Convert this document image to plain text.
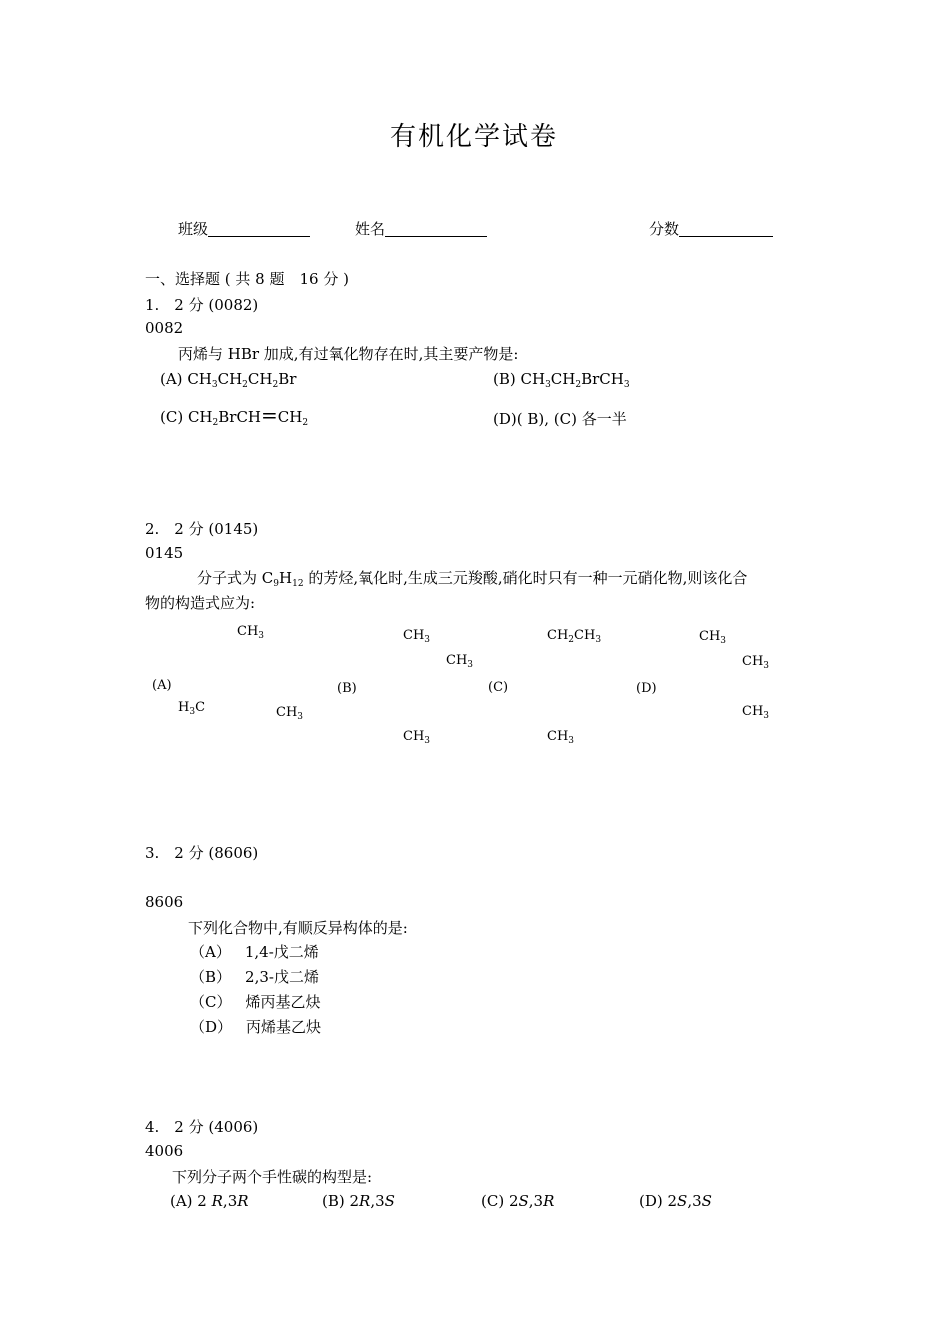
有机化学试卷
班级	姓名	分数
一、选择题 ( 共 8 题　16 分 )
1.　2 分 (0082)
0082
丙烯与 HBr 加成,有过氧化物存在时,其主要产物是:
(A) $CH_3CH_2CH_2Br$	(B) $CH_3CH_2BrCH_3$
(C) $CH_2BrCH=CH_2$	(D)( B), (C) 各一半
2.　2 分 (0145)
0145
分子式为 $C_9H_{12}$ 的芳烃,氧化时,生成三元羧酸,硝化时只有一种一元硝化物,则该化合
物的构造式应为:
$CH_3$
(A)
$H_3C$	$CH_3$
$CH_3$
$CH_3$
(B)
$CH_3$
$CH_2CH_3$
(C)
$CH_3$
$CH_3$
$CH_3$
(D)
$CH_3$
3.　2 分 (8606)
8606
下列化合物中,有顺反异构体的是:
（A） 1,4-戊二烯
（B） 2,3-戊二烯
（C） 烯丙基乙炔
（D） 丙烯基乙炔
4.　2 分 (4006)
4006
下列分子两个手性碳的构型是:
(A) 2 R,3R	(B) 2R,3S	(C) 2S,3R	(D) 2S,3S
